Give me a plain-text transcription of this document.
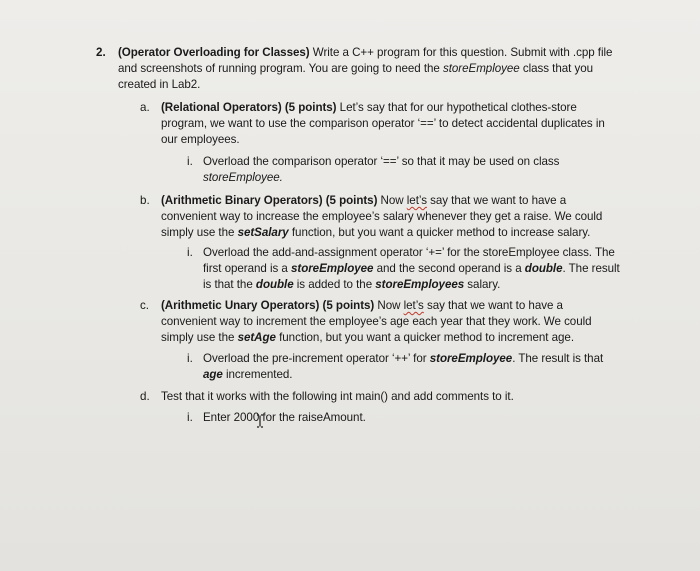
2. (Operator Overloading for Classes) Write a C++ program for this question. Submit with .cpp file
and screenshots of running program. You are going to need the storeEmployee class that you
created in Lab2.
a. (Relational Operators) (5 points) Let’s say that for our hypothetical clothes-store
program, we want to use the comparison operator ‘==’ to detect accidental duplicates in
our employees.
i. Overload the comparison operator ‘==’ so that it may be used on class
storeEmployee.
b. (Arithmetic Binary Operators) (5 points) Now let’s say that we want to have a
convenient way to increase the employee’s salary whenever they get a raise. We could
simply use the setSalary function, but you want a quicker method to increase salary.
i. Overload the add-and-assignment operator ‘+=’ for the storeEmployee class. The
first operand is a storeEmployee and the second operand is a double. The result
is that the double is added to the storeEmployees salary.
c. (Arithmetic Unary Operators) (5 points) Now let’s say that we want to have a
convenient way to increment the employee’s age each year that they work. We could
simply use the setAge function, but you want a quicker method to increment age.
i. Overload the pre-increment operator ‘++’ for storeEmployee. The result is that
age incremented.
d. Test that it works with the following int main() and add comments to it.
i. Enter 2000 for the raiseAmount.
